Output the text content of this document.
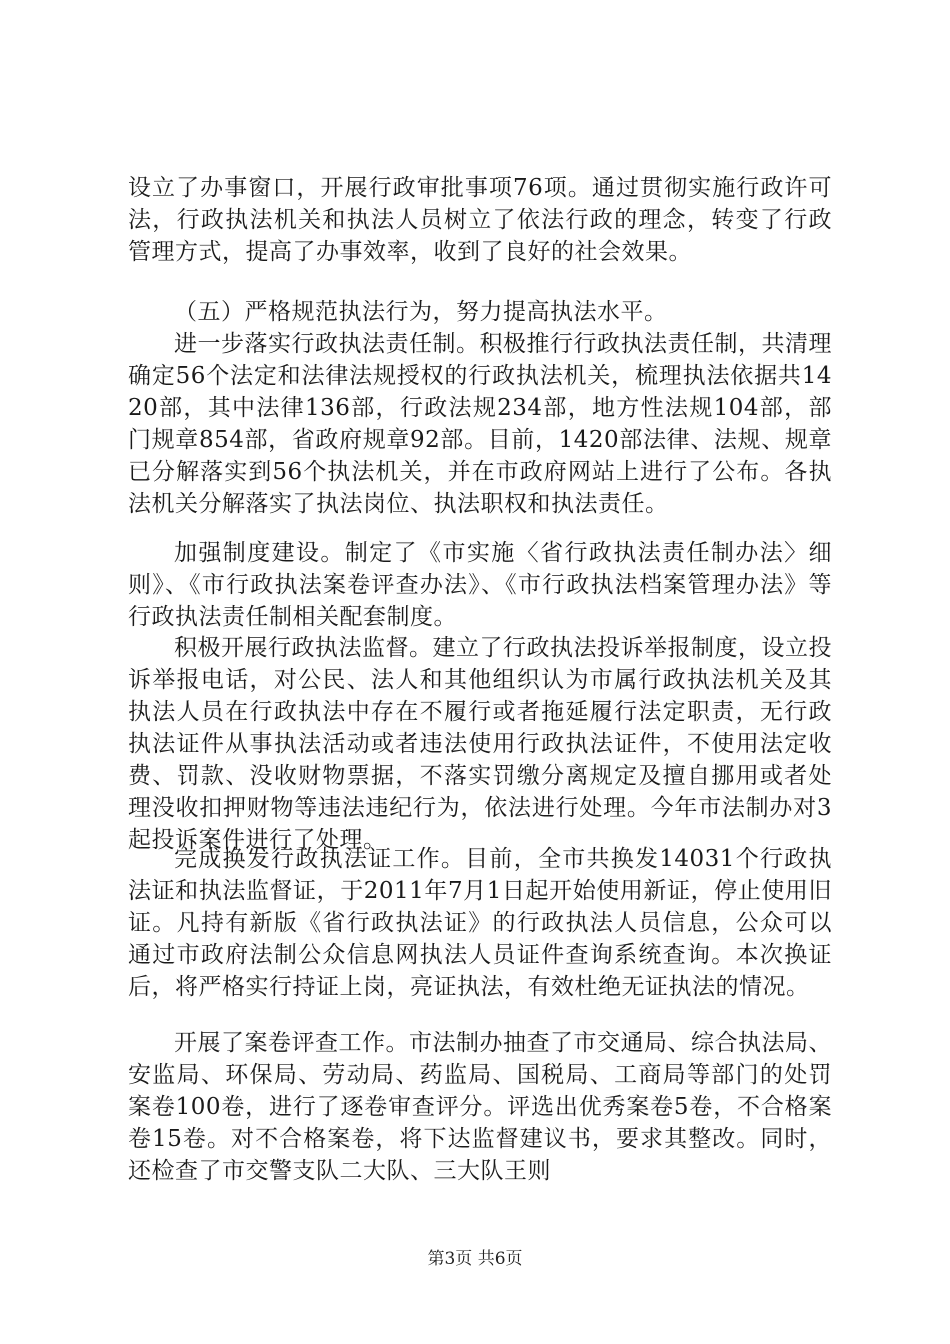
设立了办事窗口，开展行政审批事项76项。通过贯彻实施行政许可法，行政执法机关和执法人员树立了依法行政的理念，转变了行政管理方式，提高了办事效率，收到了良好的社会效果。

（五）严格规范执法行为，努力提高执法水平。

进一步落实行政执法责任制。积极推行行政执法责任制，共清理确定56个法定和法律法规授权的行政执法机关，梳理执法依据共1420部，其中法律136部，行政法规234部，地方性法规104部，部门规章854部，省政府规章92部。目前，1420部法律、法规、规章已分解落实到56个执法机关，并在市政府网站上进行了公布。各执法机关分解落实了执法岗位、执法职权和执法责任。

加强制度建设。制定了《市实施〈省行政执法责任制办法〉细则》、《市行政执法案卷评查办法》、《市行政执法档案管理办法》等行政执法责任制相关配套制度。

积极开展行政执法监督。建立了行政执法投诉举报制度，设立投诉举报电话，对公民、法人和其他组织认为市属行政执法机关及其执法人员在行政执法中存在不履行或者拖延履行法定职责，无行政执法证件从事执法活动或者违法使用行政执法证件，不使用法定收费、罚款、没收财物票据，不落实罚缴分离规定及擅自挪用或者处理没收扣押财物等违法违纪行为，依法进行处理。今年市法制办对3起投诉案件进行了处理。

完成换发行政执法证工作。目前，全市共换发14031个行政执法证和执法监督证，于2011年7月1日起开始使用新证，停止使用旧证。凡持有新版《省行政执法证》的行政执法人员信息，公众可以通过市政府法制公众信息网执法人员证件查询系统查询。本次换证后，将严格实行持证上岗，亮证执法，有效杜绝无证执法的情况。

开展了案卷评查工作。市法制办抽查了市交通局、综合执法局、安监局、环保局、劳动局、药监局、国税局、工商局等部门的处罚案卷100卷，进行了逐卷审查评分。评选出优秀案卷5卷，不合格案卷15卷。对不合格案卷，将下达监督建议书，要求其整改。同时，还检查了市交警支队二大队、三大队王则

第3页 共6页
